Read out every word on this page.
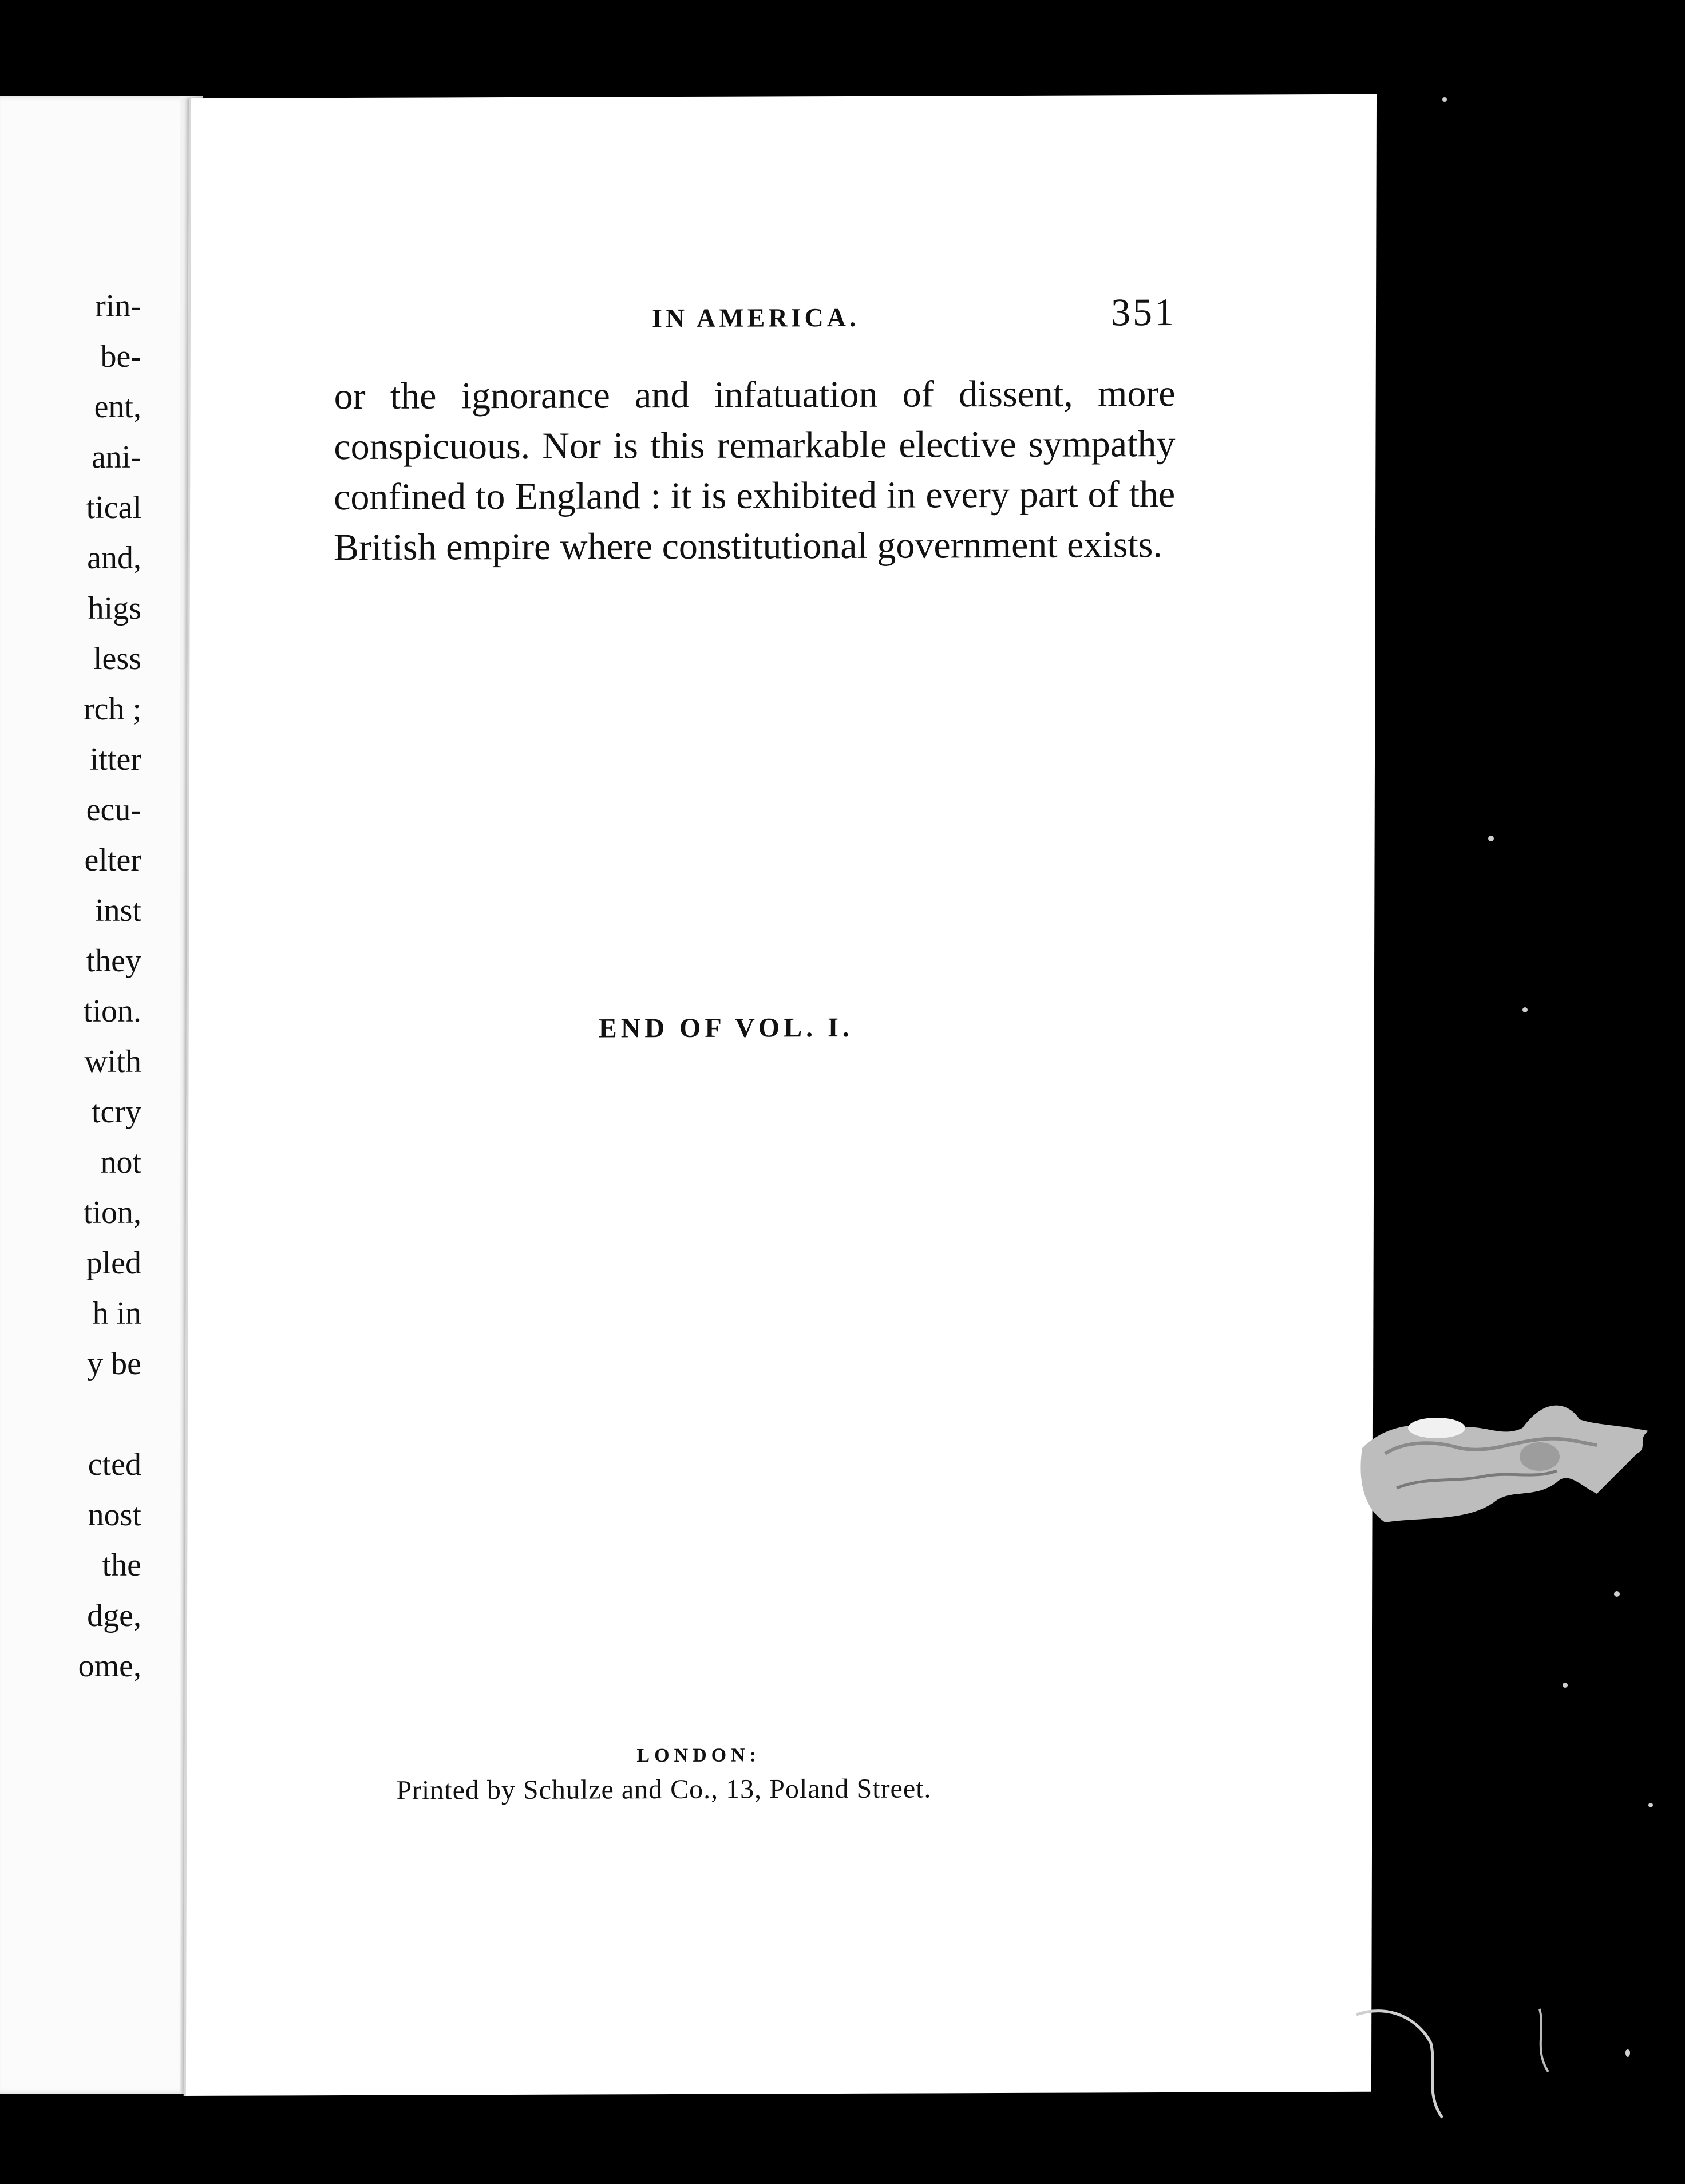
rin-
be-
ent,
ani-
tical
and,
higs
less
rch ;
itter
ecu-
elter
inst
they
tion.
with
tcry
not
tion,
pled
h in
y be
cted
nost
the
dge,
ome,
IN AMERICA.	351

or the ignorance and infatuation of dissent, more conspicuous. Nor is this remarkable elective sympathy confined to England : it is exhibited in every part of the British empire where constitutional government exists.

END OF VOL. I.
LONDON:
Printed by Schulze and Co., 13, Poland Street.
